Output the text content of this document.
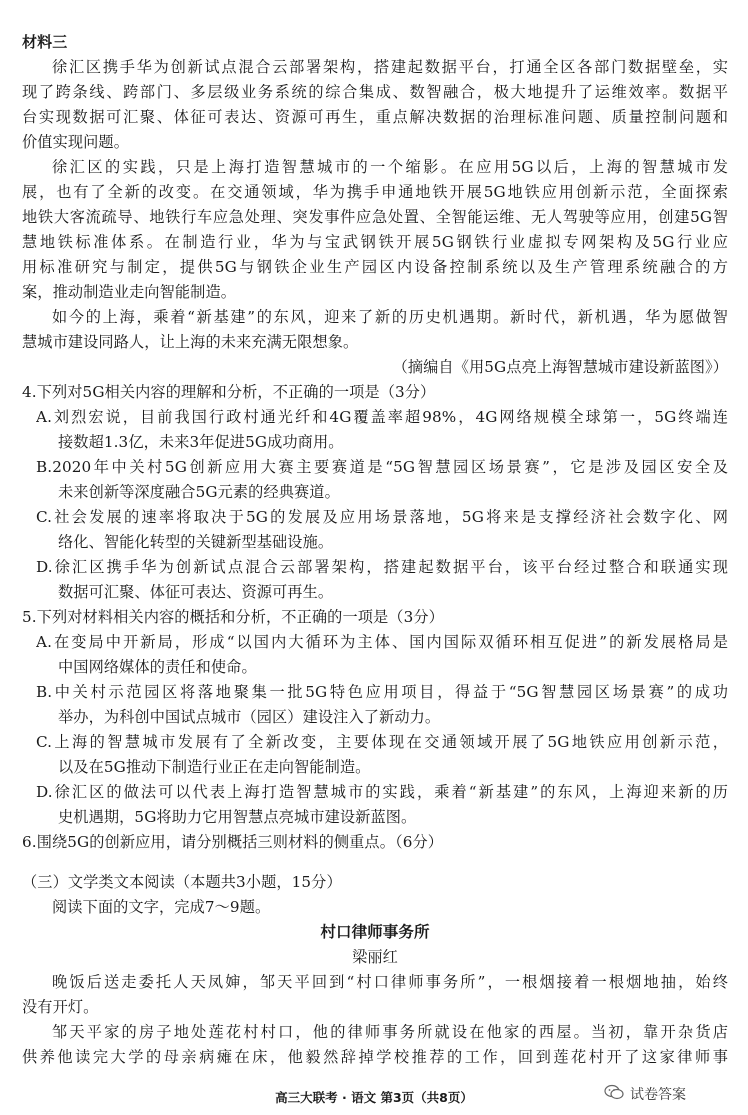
材料三
徐汇区携手华为创新试点混合云部署架构，搭建起数据平台，打通全区各部门数据壁垒，实
现了跨条线、跨部门、多层级业务系统的综合集成、数智融合，极大地提升了运维效率。数据平
台实现数据可汇聚、体征可表达、资源可再生，重点解决数据的治理标准问题、质量控制问题和
价值实现问题。
徐汇区的实践，只是上海打造智慧城市的一个缩影。在应用5G以后，上海的智慧城市发
展，也有了全新的改变。在交通领域，华为携手申通地铁开展5G地铁应用创新示范，全面探索
地铁大客流疏导、地铁行车应急处理、突发事件应急处置、全智能运维、无人驾驶等应用，创建5G智
慧地铁标准体系。在制造行业，华为与宝武钢铁开展5G钢铁行业虚拟专网架构及5G行业应
用标准研究与制定，提供5G与钢铁企业生产园区内设备控制系统以及生产管理系统融合的方
案，推动制造业走向智能制造。
如今的上海，乘着“新基建”的东风，迎来了新的历史机遇期。新时代，新机遇，华为愿做智
慧城市建设同路人，让上海的未来充满无限想象。
（摘编自《用5G点亮上海智慧城市建设新蓝图》）
4.下列对5G相关内容的理解和分析，不正确的一项是（3分）
A.刘烈宏说，目前我国行政村通光纤和4G覆盖率超98%，4G网络规模全球第一，5G终端连
接数超1.3亿，未来3年促进5G成功商用。
B.2020年中关村5G创新应用大赛主要赛道是“5G智慧园区场景赛”，它是涉及园区安全及
未来创新等深度融合5G元素的经典赛道。
C.社会发展的速率将取决于5G的发展及应用场景落地，5G将来是支撑经济社会数字化、网
络化、智能化转型的关键新型基础设施。
D.徐汇区携手华为创新试点混合云部署架构，搭建起数据平台，该平台经过整合和联通实现
数据可汇聚、体征可表达、资源可再生。
5.下列对材料相关内容的概括和分析，不正确的一项是（3分）
A.在变局中开新局，形成“以国内大循环为主体、国内国际双循环相互促进”的新发展格局是
中国网络媒体的责任和使命。
B.中关村示范园区将落地聚集一批5G特色应用项目，得益于“5G智慧园区场景赛”的成功
举办，为科创中国试点城市（园区）建设注入了新动力。
C.上海的智慧城市发展有了全新改变，主要体现在交通领域开展了5G地铁应用创新示范，
以及在5G推动下制造行业正在走向智能制造。
D.徐汇区的做法可以代表上海打造智慧城市的实践，乘着“新基建”的东风，上海迎来新的历
史机遇期，5G将助力它用智慧点亮城市建设新蓝图。
6.围绕5G的创新应用，请分别概括三则材料的侧重点。（6分）
（三）文学类文本阅读（本题共3小题，15分）
阅读下面的文字，完成7～9题。
村口律师事务所
梁丽红
晚饭后送走委托人天凤婶，邹天平回到“村口律师事务所”，一根烟接着一根烟地抽，始终
没有开灯。
邹天平家的房子地处莲花村村口，他的律师事务所就设在他家的西屋。当初，靠开杂货店
供养他读完大学的母亲病瘫在床，他毅然辞掉学校推荐的工作，回到莲花村开了这家律师事
高三大联考 · 语文 第3页（共8页）	试卷答案
